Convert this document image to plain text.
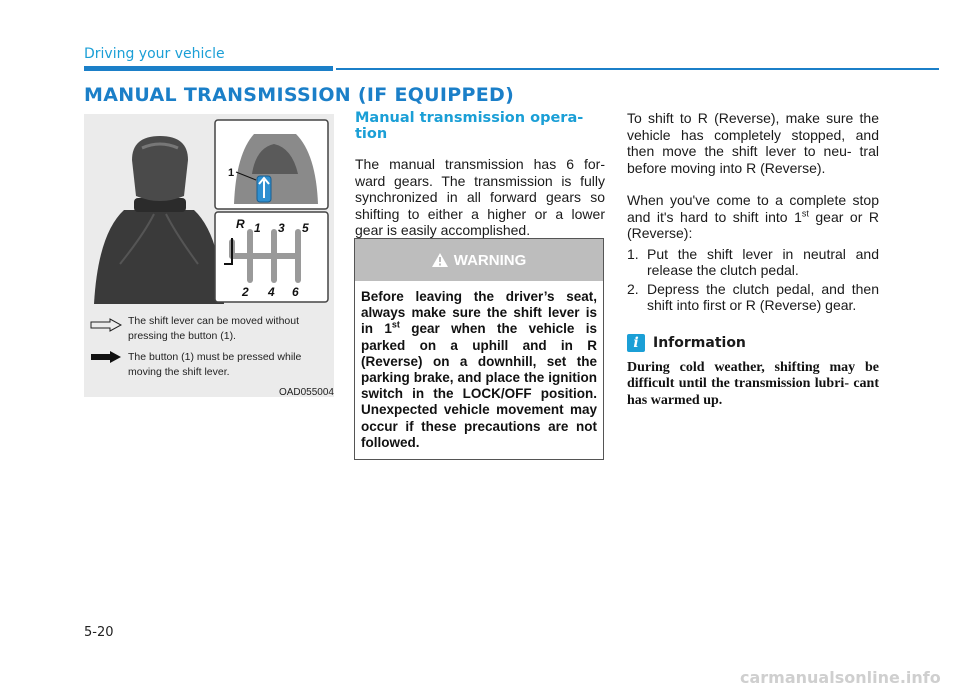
Driving your vehicle
MANUAL TRANSMISSION (IF EQUIPPED)
1
R 1 3 5
2 4 6
The shift lever can be moved without pressing the button (1).
The button (1) must be pressed while moving the shift lever.
OAD055004
Manual transmission opera- tion

The manual transmission has 6 for- ward gears. The transmission is fully synchronized in all forward gears so shifting to either a higher or a lower gear is easily accomplished.

WARNING
Before leaving the driver’s seat, always make sure the shift lever is in 1st gear when the vehicle is parked on a uphill and in R (Reverse) on a downhill, set the parking brake, and place the ignition switch in the LOCK/OFF position. Unexpected vehicle movement may occur if these precautions are not followed.

To shift to R (Reverse), make sure the vehicle has completely stopped, and then move the shift lever to neu- tral before moving into R (Reverse).

When you've come to a complete stop and it's hard to shift into 1st gear or R (Reverse):

1. Put the shift lever in neutral and release the clutch pedal.
2. Depress the clutch pedal, and then shift into first or R (Reverse) gear.
i	Information
During cold weather, shifting may be difficult until the transmission lubri- cant has warmed up.
5-20
carmanualsonline.info
